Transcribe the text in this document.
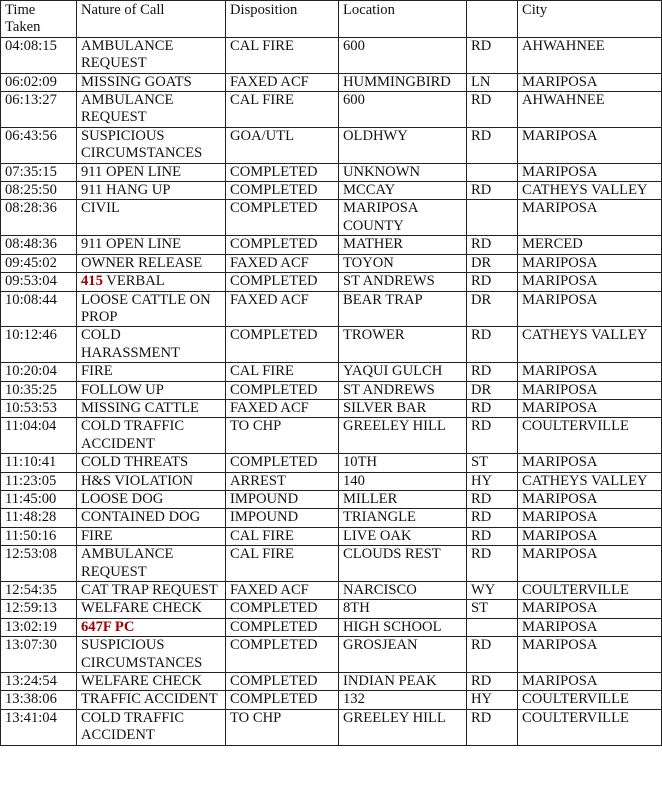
Time Taken	Nature of Call	Disposition	Location		City
04:08:15	AMBULANCE REQUEST	CAL FIRE	600	RD	AHWAHNEE
06:02:09	MISSING GOATS	FAXED ACF	HUMMINGBIRD	LN	MARIPOSA
06:13:27	AMBULANCE REQUEST	CAL FIRE	600	RD	AHWAHNEE
06:43:56	SUSPICIOUS CIRCUMSTANCES	GOA/UTL	OLDHWY	RD	MARIPOSA
07:35:15	911 OPEN LINE	COMPLETED	UNKNOWN		MARIPOSA
08:25:50	911 HANG UP	COMPLETED	MCCAY	RD	CATHEYS VALLEY
08:28:36	CIVIL	COMPLETED	MARIPOSA COUNTY		MARIPOSA
08:48:36	911 OPEN LINE	COMPLETED	MATHER	RD	MERCED
09:45:02	OWNER RELEASE	FAXED ACF	TOYON	DR	MARIPOSA
09:53:04	415 VERBAL	COMPLETED	ST ANDREWS	RD	MARIPOSA
10:08:44	LOOSE CATTLE ON PROP	FAXED ACF	BEAR TRAP	DR	MARIPOSA
10:12:46	COLD HARASSMENT	COMPLETED	TROWER	RD	CATHEYS VALLEY
10:20:04	FIRE	CAL FIRE	YAQUI GULCH	RD	MARIPOSA
10:35:25	FOLLOW UP	COMPLETED	ST ANDREWS	DR	MARIPOSA
10:53:53	MISSING CATTLE	FAXED ACF	SILVER BAR	RD	MARIPOSA
11:04:04	COLD TRAFFIC ACCIDENT	TO CHP	GREELEY HILL	RD	COULTERVILLE
11:10:41	COLD THREATS	COMPLETED	10TH	ST	MARIPOSA
11:23:05	H&S VIOLATION	ARREST	140	HY	CATHEYS VALLEY
11:45:00	LOOSE DOG	IMPOUND	MILLER	RD	MARIPOSA
11:48:28	CONTAINED DOG	IMPOUND	TRIANGLE	RD	MARIPOSA
11:50:16	FIRE	CAL FIRE	LIVE OAK	RD	MARIPOSA
12:53:08	AMBULANCE REQUEST	CAL FIRE	CLOUDS REST	RD	MARIPOSA
12:54:35	CAT TRAP REQUEST	FAXED ACF	NARCISCO	WY	COULTERVILLE
12:59:13	WELFARE CHECK	COMPLETED	8TH	ST	MARIPOSA
13:02:19	647F PC	COMPLETED	HIGH SCHOOL		MARIPOSA
13:07:30	SUSPICIOUS CIRCUMSTANCES	COMPLETED	GROSJEAN	RD	MARIPOSA
13:24:54	WELFARE CHECK	COMPLETED	INDIAN PEAK	RD	MARIPOSA
13:38:06	TRAFFIC ACCIDENT	COMPLETED	132	HY	COULTERVILLE
13:41:04	COLD TRAFFIC ACCIDENT	TO CHP	GREELEY HILL	RD	COULTERVILLE
